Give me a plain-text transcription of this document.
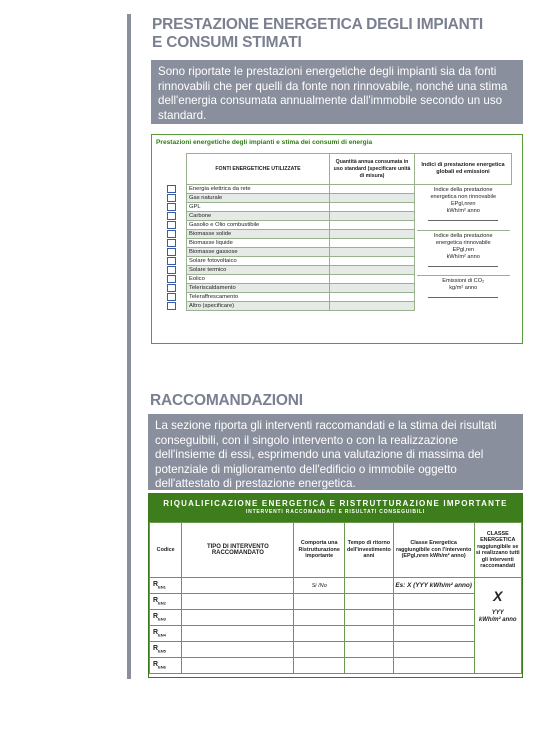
PRESTAZIONE ENERGETICA DEGLI IMPIANTI
E CONSUMI STIMATI
Sono riportate le prestazioni energetiche degli impianti sia da fonti rinnovabili che per quelli da fonte non rinnovabile, nonché una stima dell'energia consumata annualmente dall'immobile secondo un uso standard.
Prestazioni energetiche degli impianti e stima dei consumi di energia
	FONTI ENERGETICHE UTILIZZATE	Quantità annua consumata in uso standard (specificare unità di misura)	Indici di prestazione energetica globali ed emissioni
	Energia elettrica da rete		Indice della prestazione energetica non rinnovabile
EPgl,nren
kWh/m² anno

	Gas naturale		
	GPL		
	Carbone		
	Gasolio e Olio combustibile		
	Biomasse solide		Indice della prestazione energetica rinnovabile
EPgl,ren
kWh/m² anno

	Biomasse liquide		
	Biomasse gassose		
	Solare fotovoltaico		
	Solare termico		
	Eolico		Emissioni di CO₂
kg/m² anno

	Teleriscaldamento		
	Teleraffrescamento		
	Altro (specificare)		
RACCOMANDAZIONI
La sezione riporta gli interventi raccomandati e la stima dei risultati conseguibili, con il singolo intervento o con la realizzazione dell'insieme di essi, esprimendo una valutazione di massima del potenziale di miglioramento dell'edificio o immobile oggetto dell'attestato di prestazione energetica.
RIQUALIFICAZIONE ENERGETICA E RISTRUTTURAZIONE IMPORTANTE
INTERVENTI RACCOMANDATI E RISULTATI CONSEGUIBILI
Codice	TIPO DI INTERVENTO RACCOMANDATO	Comporta una Ristrutturazione importante	Tempo di ritorno dell'investimento anni	Classe Energetica raggiungibile con l'intervento (EPgl,nren kWh/m² anno)	CLASSE ENERGETICA raggiungibile se si realizzano tutti gli interventi raccomandati
$R_{EN1}$		Si /No		Es: X (YYY kWh/m² anno)	X
YYY
kWh/m² anno

$R_{EN2}$				
$R_{EN3}$				
$R_{EN4}$				
$R_{EN5}$				
$R_{EN6}$				
